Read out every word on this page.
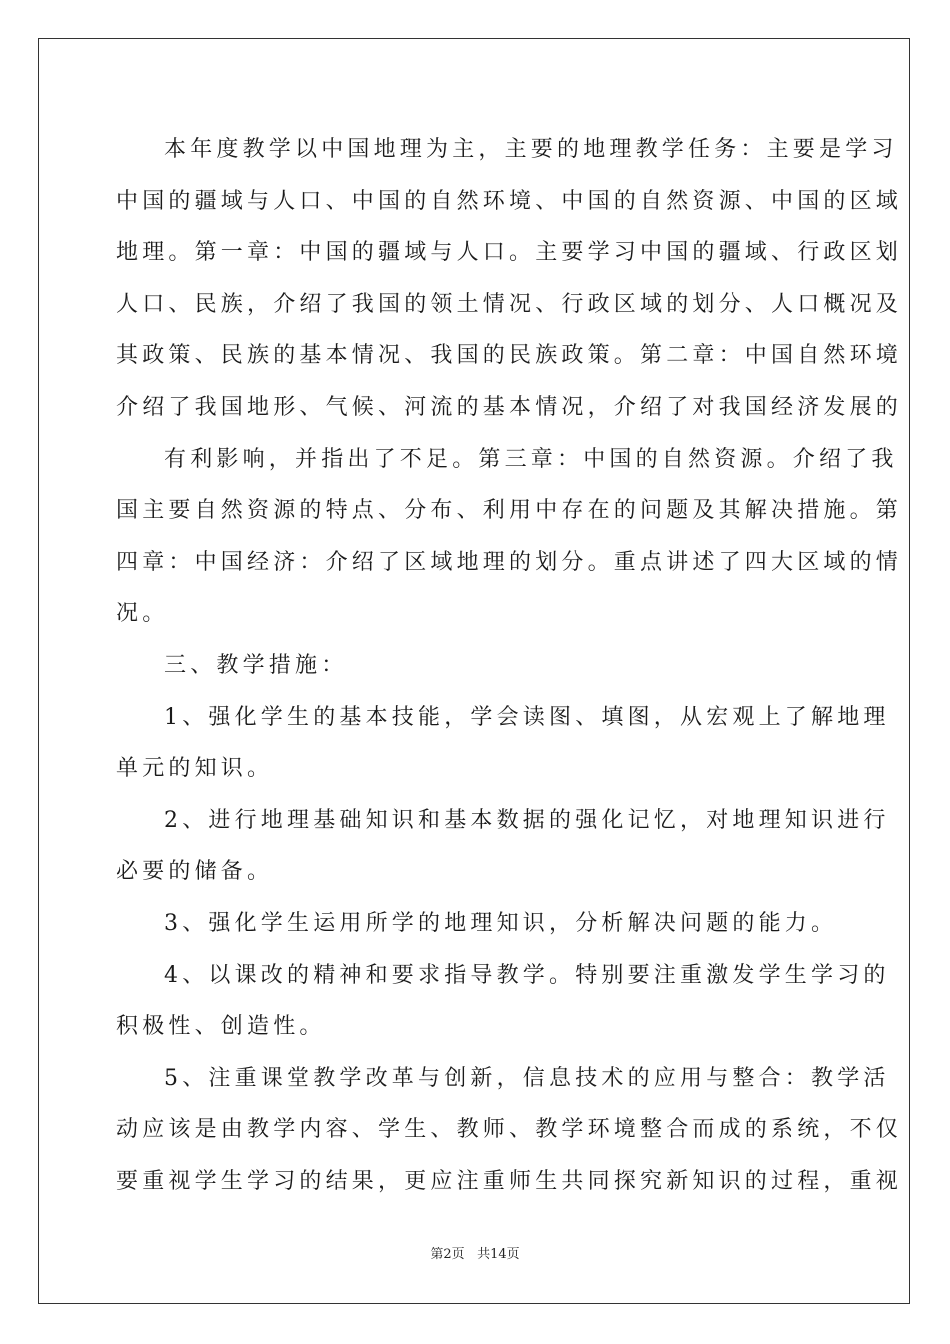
本年度教学以中国地理为主，主要的地理教学任务：主要是学习
中国的疆域与人口、中国的自然环境、中国的自然资源、中国的区域
地理。第一章：中国的疆域与人口。主要学习中国的疆域、行政区划
人口、民族，介绍了我国的领土情况、行政区域的划分、人口概况及
其政策、民族的基本情况、我国的民族政策。第二章：中国自然环境
介绍了我国地形、气候、河流的基本情况，介绍了对我国经济发展的
有利影响，并指出了不足。第三章：中国的自然资源。介绍了我
国主要自然资源的特点、分布、利用中存在的问题及其解决措施。第
四章：中国经济：介绍了区域地理的划分。重点讲述了四大区域的情
况。
三、教学措施：
1、强化学生的基本技能，学会读图、填图，从宏观上了解地理
单元的知识。
2、进行地理基础知识和基本数据的强化记忆，对地理知识进行
必要的储备。
3、强化学生运用所学的地理知识，分析解决问题的能力。
4、以课改的精神和要求指导教学。特别要注重激发学生学习的
积极性、创造性。
5、注重课堂教学改革与创新，信息技术的应用与整合：教学活
动应该是由教学内容、学生、教师、教学环境整合而成的系统，不仅
要重视学生学习的结果，更应注重师生共同探究新知识的过程，重视
第2页 共14页
